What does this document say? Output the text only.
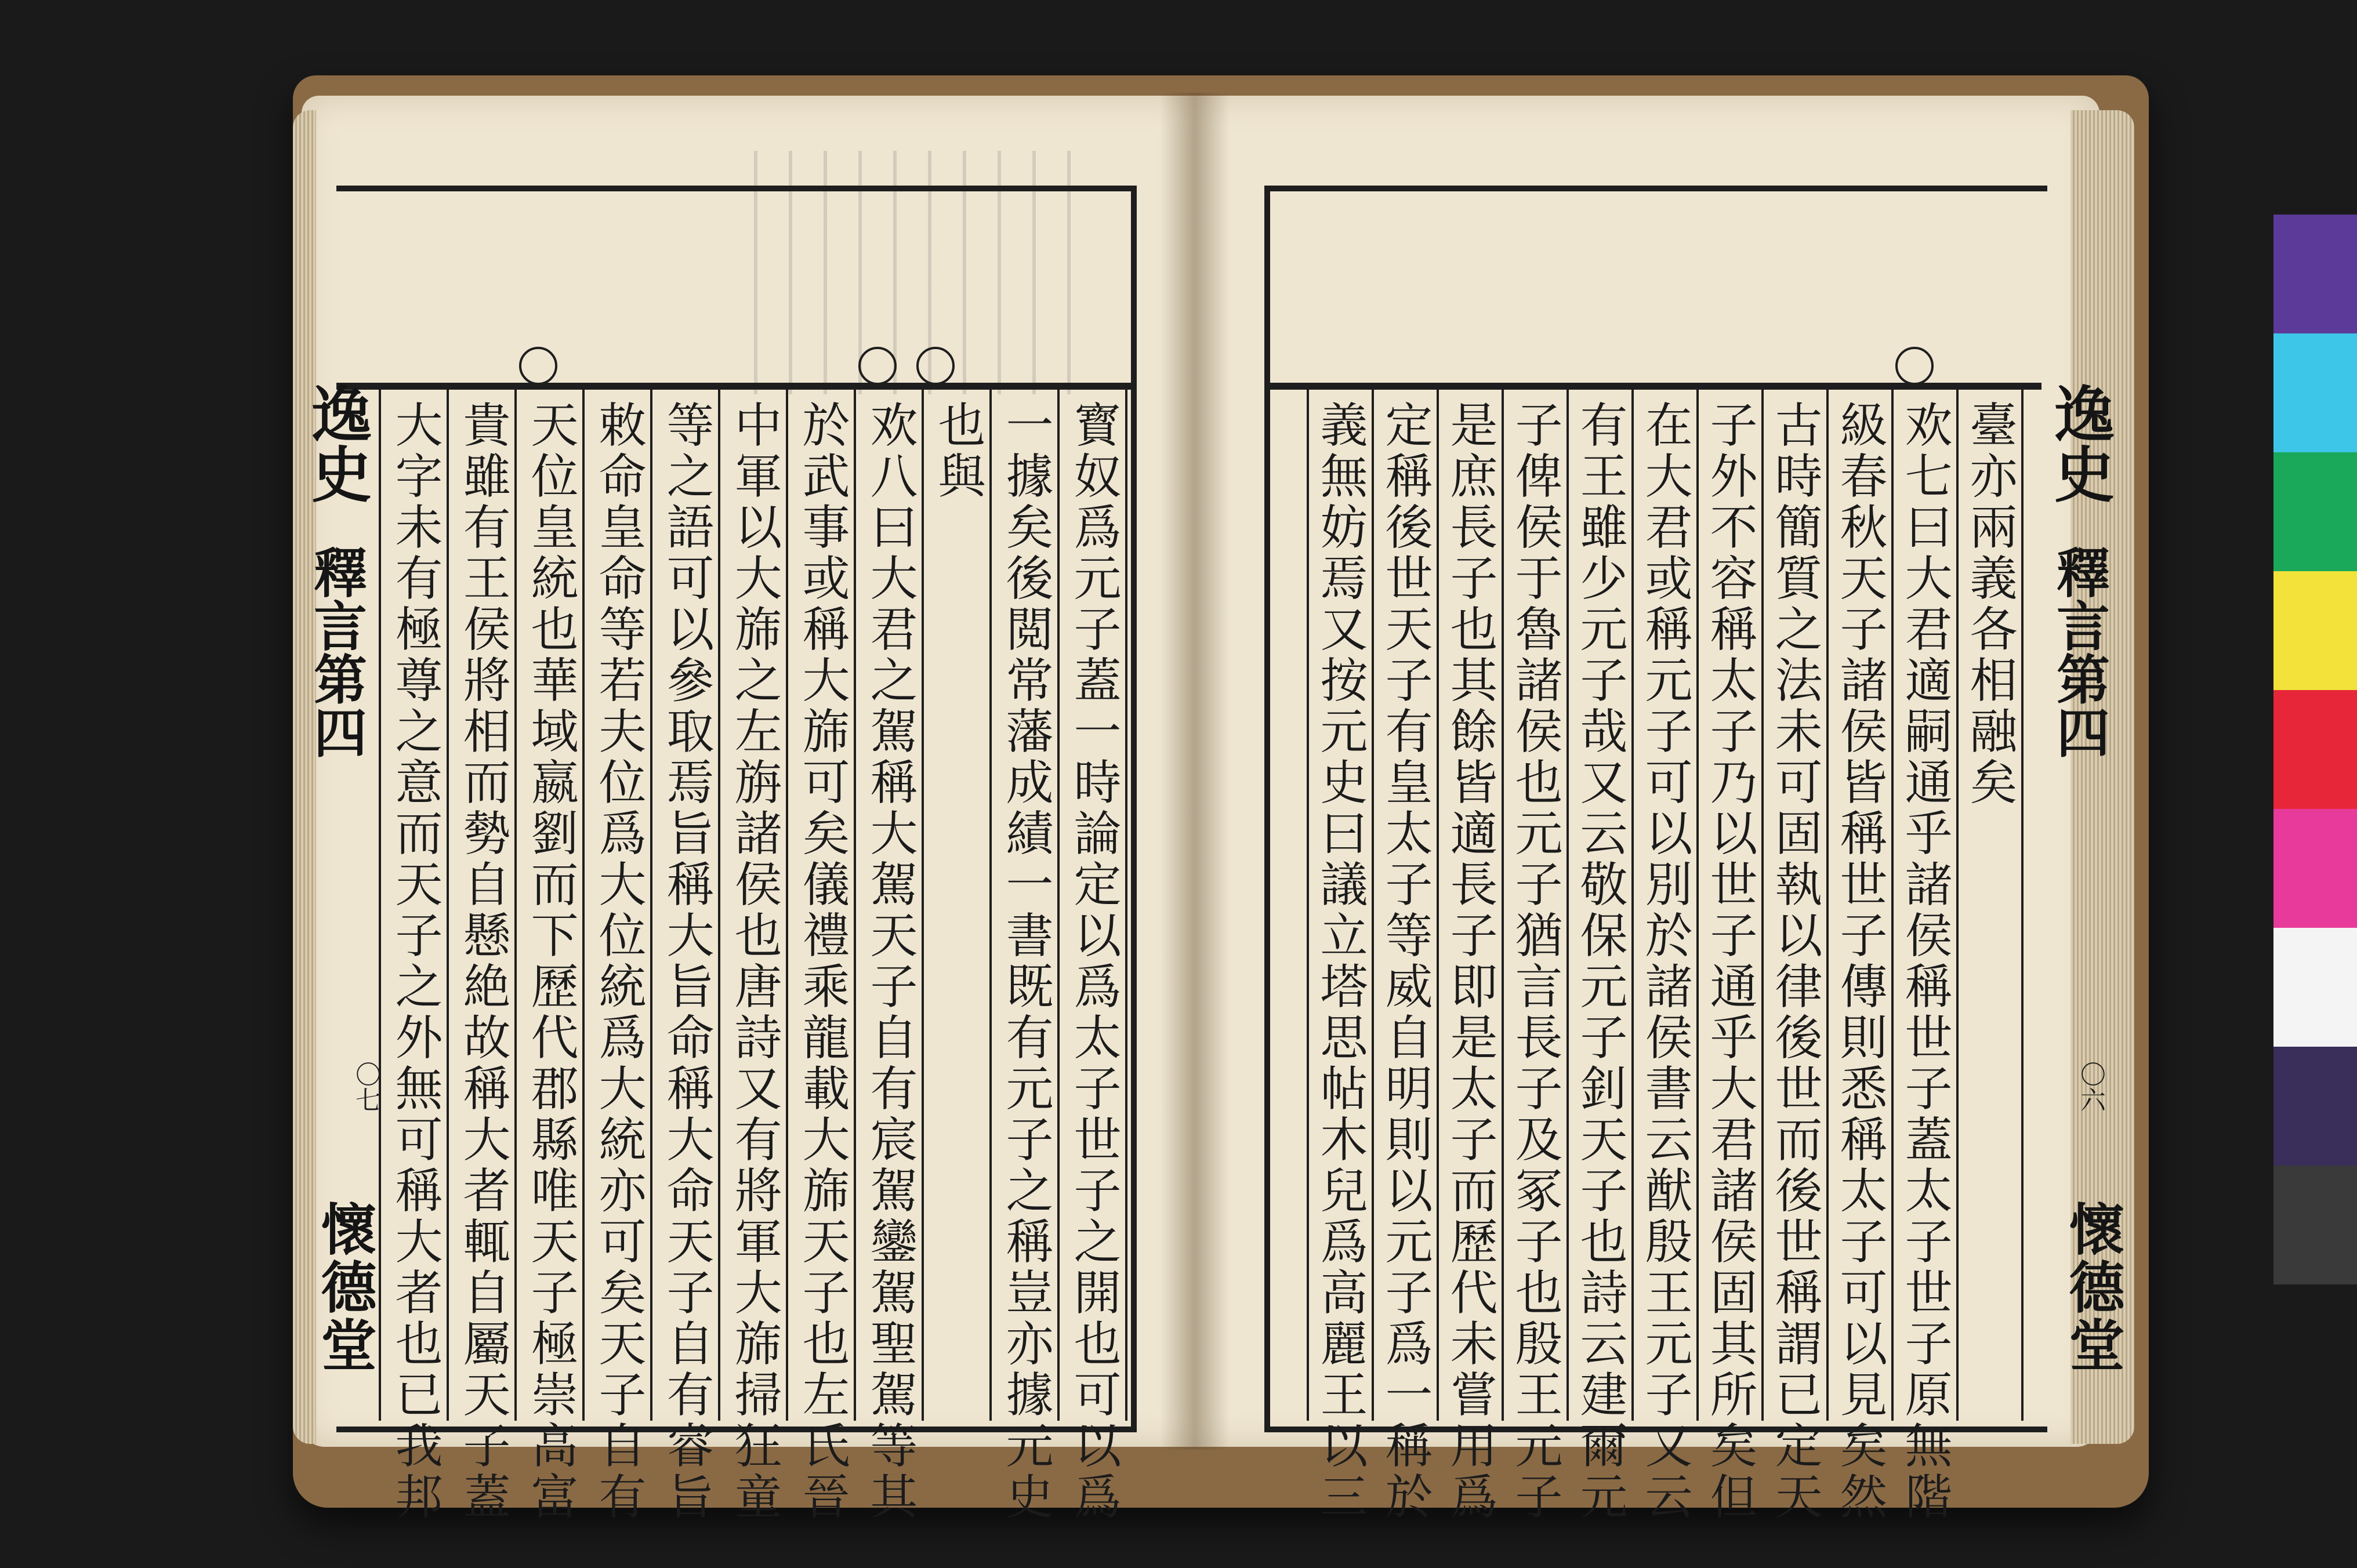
寳奴爲元子蓋一時論定以爲太子世子之開也可以爲
一據矣後閲常藩成績一書既有元子之稱豈亦據元史
也與
欢八曰大君之駕稱大駕天子自有宸駕鑾駕聖駕等其
於武事或稱大旆可矣儀禮乘龍載大旆天子也左氏晉
中軍以大旆之左旃諸侯也唐詩又有將軍大旆掃狂童
等之語可以參取焉旨稱大旨命稱大命天子自有睿旨
敕命皇命等若夫位爲大位統爲大統亦可矣天子自有
天位皇統也華域嬴劉而下歷代郡縣唯天子極崇高富
貴雖有王侯將相而勢自懸絶故稱大者輒自屬天子蓋
大字未有極尊之意而天子之外無可稱大者也已我邦	臺亦兩義各相融矣
欢七曰大君適嗣通乎諸侯稱世子蓋太子世子原無階
級春秋天子諸侯皆稱世子傳則悉稱太子可以見矣然
古時簡質之法未可固執以律後世而後世稱謂已定天
子外不容稱太子乃以世子通乎大君諸侯固其所矣但
在大君或稱元子可以別於諸侯書云猷殷王元子又云
有王雖少元子哉又云敬保元子釗天子也詩云建爾元
子俾侯于魯諸侯也元子猶言長子及冢子也殷王元子
是庶長子也其餘皆適長子即是太子而歷代未嘗用爲
定稱後世天子有皇太子等威自明則以元子爲一稱於
義無妨焉又按元史曰議立塔思帖木兒爲高麗王以三
逸史
釋言第四
〇七
懷德堂
逸史
釋言第四
〇六
懷德堂
